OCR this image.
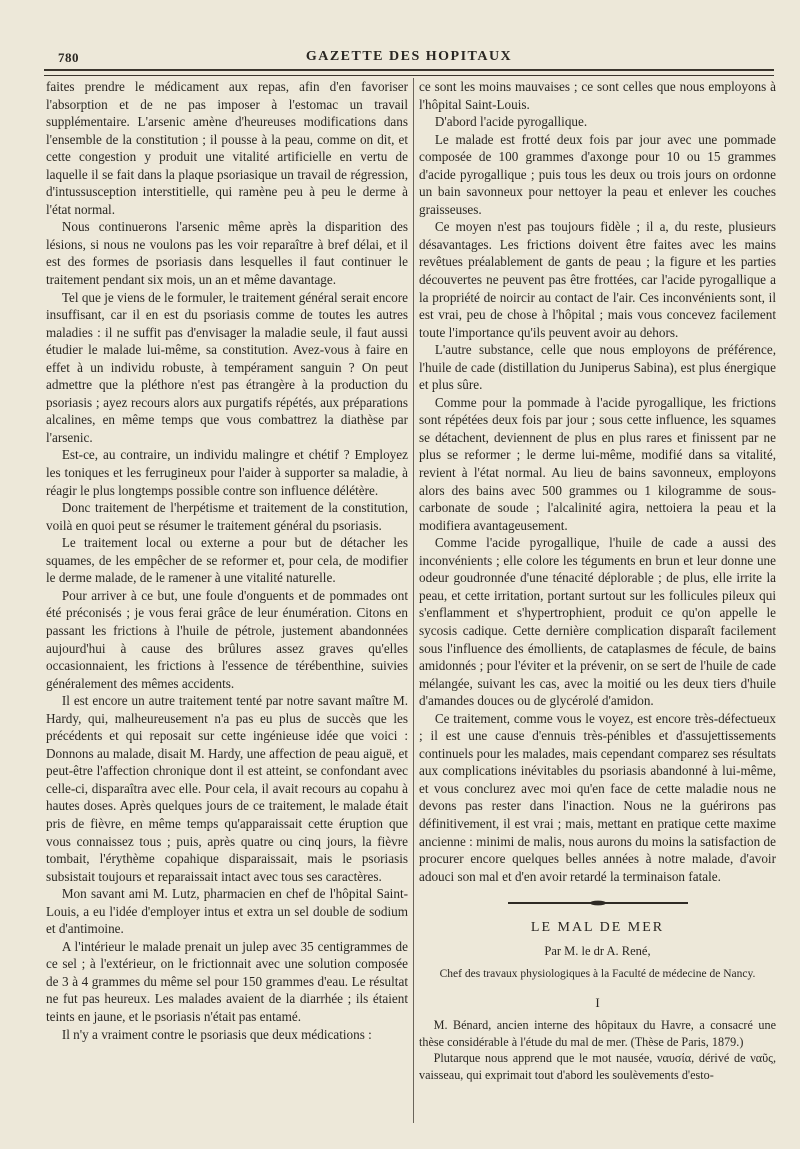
780	GAZETTE DES HOPITAUX

faites prendre le médicament aux repas, afin d'en favoriser l'absorption et de ne pas imposer à l'estomac un travail supplémentaire. L'arsenic amène d'heureuses modifications dans l'ensemble de la constitution ; il pousse à la peau, comme on dit, et cette congestion y produit une vitalité artificielle en vertu de laquelle il se fait dans la plaque psoriasique un travail de régression, d'intussusception interstitielle, qui ramène peu à peu le derme à l'état normal.

Nous continuerons l'arsenic même après la disparition des lésions, si nous ne voulons pas les voir reparaître à bref délai, et il est des formes de psoriasis dans lesquelles il faut continuer le traitement pendant six mois, un an et même davantage.

Tel que je viens de le formuler, le traitement général serait encore insuffisant, car il en est du psoriasis comme de toutes les autres maladies : il ne suffit pas d'envisager la maladie seule, il faut aussi étudier le malade lui-même, sa constitution. Avez-vous à faire en effet à un individu robuste, à tempérament sanguin ? On peut admettre que la pléthore n'est pas étrangère à la production du psoriasis ; ayez recours alors aux purgatifs répétés, aux préparations alcalines, en même temps que vous combattrez la diathèse par l'arsenic.

Est-ce, au contraire, un individu malingre et chétif ? Employez les toniques et les ferrugineux pour l'aider à supporter sa maladie, à réagir le plus longtemps possible contre son influence délétère.

Donc traitement de l'herpétisme et traitement de la constitution, voilà en quoi peut se résumer le traitement général du psoriasis.

Le traitement local ou externe a pour but de détacher les squames, de les empêcher de se reformer et, pour cela, de modifier le derme malade, de le ramener à une vitalité naturelle.

Pour arriver à ce but, une foule d'onguents et de pommades ont été préconisés ; je vous ferai grâce de leur énumération. Citons en passant les frictions à l'huile de pétrole, justement abandonnées aujourd'hui à cause des brûlures assez graves qu'elles occasionnaient, les frictions à l'essence de térébenthine, suivies généralement des mêmes accidents.

Il est encore un autre traitement tenté par notre savant maître M. Hardy, qui, malheureusement n'a pas eu plus de succès que les précédents et qui reposait sur cette ingénieuse idée que voici : Donnons au malade, disait M. Hardy, une affection de peau aiguë, et peut-être l'affection chronique dont il est atteint, se confondant avec celle-ci, disparaîtra avec elle. Pour cela, il avait recours au copahu à hautes doses. Après quelques jours de ce traitement, le malade était pris de fièvre, en même temps qu'apparaissait cette éruption que vous connaissez tous ; puis, après quatre ou cinq jours, la fièvre tombait, l'érythème copahique disparaissait, mais le psoriasis subsistait toujours et reparaissait intact avec tous ses caractères.

Mon savant ami M. Lutz, pharmacien en chef de l'hôpital Saint-Louis, a eu l'idée d'employer intus et extra un sel double de sodium et d'antimoine.

A l'intérieur le malade prenait un julep avec 35 centigrammes de ce sel ; à l'extérieur, on le frictionnait avec une solution composée de 3 à 4 grammes du même sel pour 150 grammes d'eau. Le résultat ne fut pas heureux. Les malades avaient de la diarrhée ; ils étaient teints en jaune, et le psoriasis n'était pas entamé.

Il n'y a vraiment contre le psoriasis que deux médications :

ce sont les moins mauvaises ; ce sont celles que nous employons à l'hôpital Saint-Louis.

D'abord l'acide pyrogallique.

Le malade est frotté deux fois par jour avec une pommade composée de 100 grammes d'axonge pour 10 ou 15 grammes d'acide pyrogallique ; puis tous les deux ou trois jours on ordonne un bain savonneux pour nettoyer la peau et enlever les couches graisseuses.

Ce moyen n'est pas toujours fidèle ; il a, du reste, plusieurs désavantages. Les frictions doivent être faites avec les mains revêtues préalablement de gants de peau ; la figure et les parties découvertes ne peuvent pas être frottées, car l'acide pyrogallique a la propriété de noircir au contact de l'air. Ces inconvénients sont, il est vrai, peu de chose à l'hôpital ; mais vous concevez facilement toute l'importance qu'ils peuvent avoir au dehors.

L'autre substance, celle que nous employons de préférence, l'huile de cade (distillation du Juniperus Sabina), est plus énergique et plus sûre.

Comme pour la pommade à l'acide pyrogallique, les frictions sont répétées deux fois par jour ; sous cette influence, les squames se détachent, deviennent de plus en plus rares et finissent par ne plus se reformer ; le derme lui-même, modifié dans sa vitalité, revient à l'état normal. Au lieu de bains savonneux, employons alors des bains avec 500 grammes ou 1 kilogramme de sous-carbonate de soude ; l'alcalinité agira, nettoiera la peau et la modifiera avantageusement.

Comme l'acide pyrogallique, l'huile de cade a aussi des inconvénients ; elle colore les téguments en brun et leur donne une odeur goudronnée d'une ténacité déplorable ; de plus, elle irrite la peau, et cette irritation, portant surtout sur les follicules pileux qui s'enflamment et s'hypertrophient, produit ce qu'on appelle le sycosis cadique. Cette dernière complication disparaît facilement sous l'influence des émollients, de cataplasmes de fécule, de bains amidonnés ; pour l'éviter et la prévenir, on se sert de l'huile de cade mélangée, suivant les cas, avec la moitié ou les deux tiers d'huile d'amandes douces ou de glycérolé d'amidon.

Ce traitement, comme vous le voyez, est encore très-défectueux ; il est une cause d'ennuis très-pénibles et d'assujettissements continuels pour les malades, mais cependant comparez ses résultats aux complications inévitables du psoriasis abandonné à lui-même, et vous conclurez avec moi qu'en face de cette maladie nous ne devons pas rester dans l'inaction. Nous ne la guérirons pas définitivement, il est vrai ; mais, mettant en pratique cette maxime ancienne : minimi de malis, nous aurons du moins la satisfaction de procurer encore quelques belles années à notre malade, d'avoir adouci son mal et d'en avoir retardé la terminaison fatale.

LE MAL DE MER
Par M. le dr A. René,
Chef des travaux physiologiques à la Faculté de médecine de Nancy.
I

M. Bénard, ancien interne des hôpitaux du Havre, a consacré une thèse considérable à l'étude du mal de mer. (Thèse de Paris, 1879.)

Plutarque nous apprend que le mot nausée, ναυσία, dérivé de ναῦς, vaisseau, qui exprimait tout d'abord les soulèvements d'esto-
